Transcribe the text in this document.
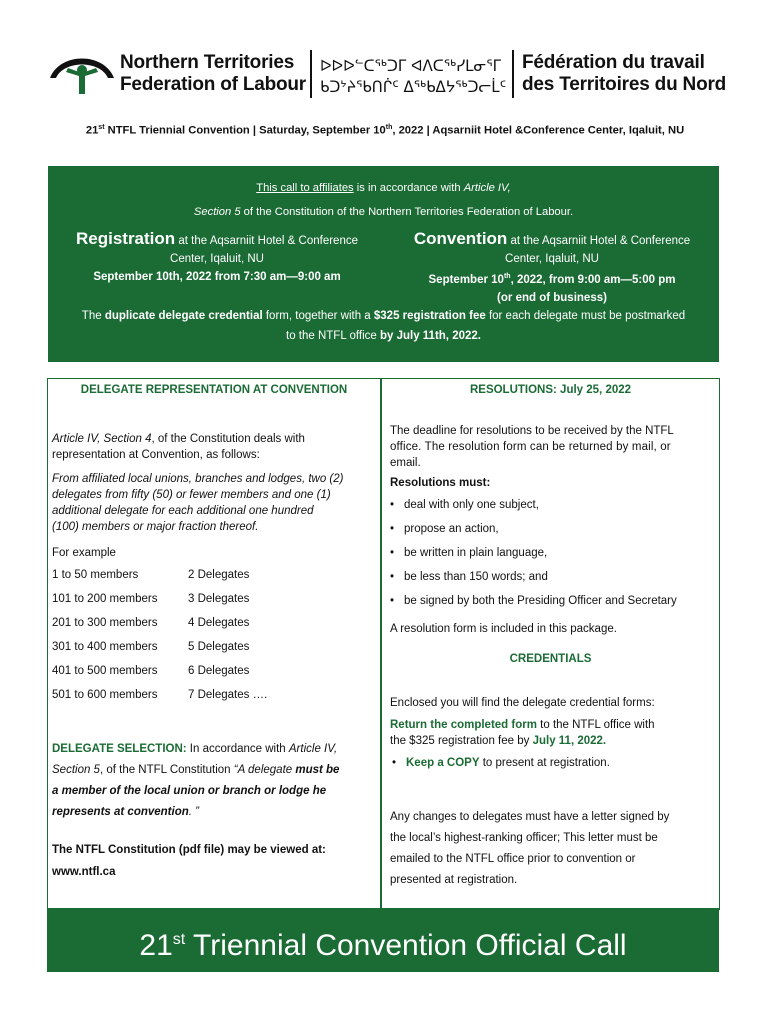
Northern Territories
Federation of Labour
ᐅᐅᐅᓪᑕᖅᑐᒥ ᐊᐱᑕᖅᓯᒪᓂᕐᒥ
ᑲᑐᔾᔨᖃᑎᒌᑦ ᐃᖅᑲᐃᔭᖅᑐᓕᒫᑦ
Fédération du travail
des Territoires du Nord
21st NTFL Triennial Convention | Saturday, September 10th, 2022 | Aqsarniit Hotel &Conference Center, Iqaluit, NU
This call to affiliates is in accordance with Article IV,
Section 5 of the Constitution of the Northern Territories Federation of Labour.
Registration at the Aqsarniit Hotel & Conference
Center, Iqaluit, NU
September 10th, 2022 from 7:30 am—9:00 am
Convention at the Aqsarniit Hotel & Conference
Center, Iqaluit, NU
September 10th, 2022, from 9:00 am—5:00 pm
(or end of business)
The duplicate delegate credential form, together with a $325 registration fee for each delegate must be postmarked
to the NTFL office by July 11th, 2022.
DELEGATE REPRESENTATION AT CONVENTION
Article IV, Section 4, of the Constitution deals with
representation at Convention, as follows:
From affiliated local unions, branches and lodges, two (2)
delegates from fifty (50) or fewer members and one (1)
additional delegate for each additional one hundred
(100) members or major fraction thereof.
For example
1 to 50 members	2 Delegates
101 to 200 members	3 Delegates
201 to 300 members	4 Delegates
301 to 400 members	5 Delegates
401 to 500 members	6 Delegates
501 to 600 members	7 Delegates ….
DELEGATE SELECTION: In accordance with Article IV,
Section 5, of the NTFL Constitution “A delegate must be
a member of the local union or branch or lodge he
represents at convention. ”
The NTFL Constitution (pdf file) may be viewed at:
www.ntfl.ca
RESOLUTIONS: July 25, 2022
The deadline for resolutions to be received by the NTFL
office. The resolution form can be returned by mail, or
email.
Resolutions must:
• deal with only one subject,
• propose an action,
• be written in plain language,
• be less than 150 words; and
• be signed by both the Presiding Officer and Secretary
A resolution form is included in this package.
CREDENTIALS
Enclosed you will find the delegate credential forms:
Return the completed form to the NTFL office with
the $325 registration fee by July 11, 2022.
• Keep a COPY to present at registration.
Any changes to delegates must have a letter signed by
the local’s highest-ranking officer; This letter must be
emailed to the NTFL office prior to convention or
presented at registration.
21st Triennial Convention Official Call
